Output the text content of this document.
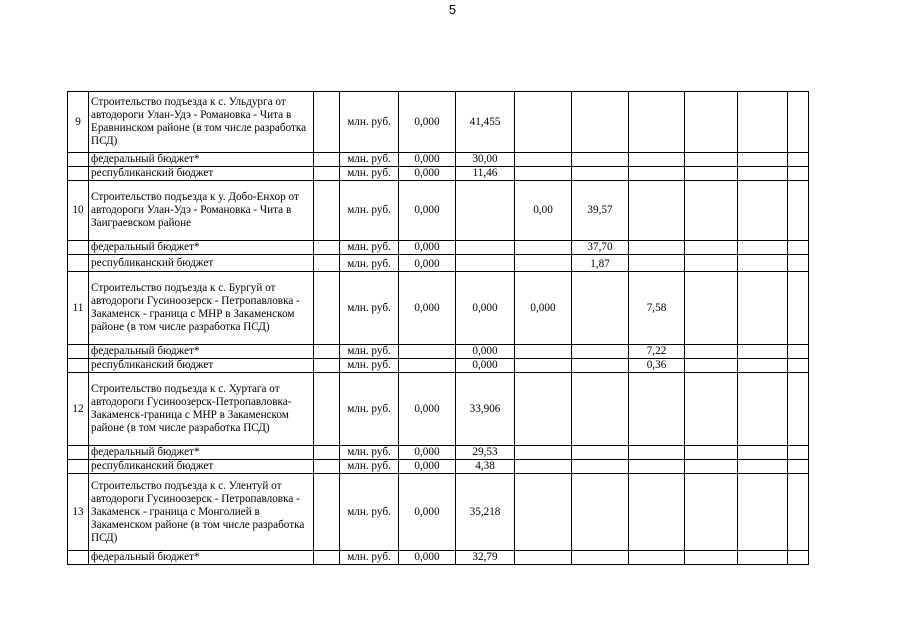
5
9	Строительство подъезда к с. Ульдурга от автодороги Улан-Удэ - Романовка - Чита в Еравнинском районе (в том числе разработка ПСД)		млн. руб.	0,000	41,455						
	федеральный бюджет*		млн. руб.	0,000	30,00						
	республиканский бюджет		млн. руб.	0,000	11,46						
10	Строительство подъезда к у. Добо-Енхор от автодороги Улан-Удэ - Романовка - Чита в Заиграевском районе		млн. руб.	0,000		0,00	39,57				
	федеральный бюджет*		млн. руб.	0,000			37,70				
	республиканский бюджет		млн. руб.	0,000			1,87				
11	Строительство подъезда к с. Бургуй от автодороги Гусиноозерск - Петропавловка - Закаменск - граница с МНР в Закаменском районе (в том числе разработка ПСД)		млн. руб.	0,000	0,000	0,000		7,58			
	федеральный бюджет*		млн. руб.		0,000			7,22			
	республиканский бюджет		млн. руб.		0,000			0,36			
12	Строительство подъезда к с. Хуртага от автодороги Гусиноозерск-Петропавловка-Закаменск-граница с МНР в Закаменском районе (в том числе разработка ПСД)		млн. руб.	0,000	33,906						
	федеральный бюджет*		млн. руб.	0,000	29,53						
	республиканский бюджет		млн. руб.	0,000	4,38						
13	Строительство подъезда к с. Улентуй от автодороги Гусиноозерск - Петропавловка - Закаменск - граница с Монголией в Закаменском районе (в том числе разработка ПСД)		млн. руб.	0,000	35,218						
	федеральный бюджет*		млн. руб.	0,000	32,79						
